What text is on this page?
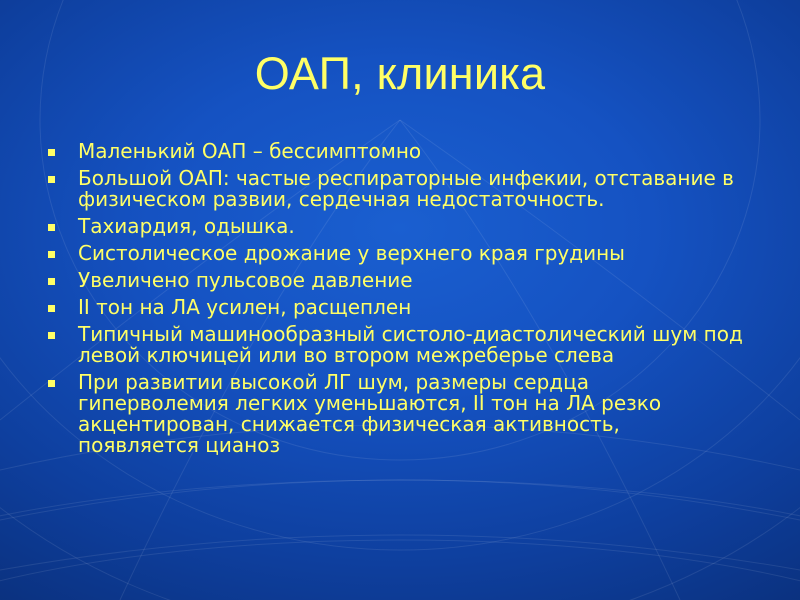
ОАП, клиника
Маленький ОАП – бессимптомно
Большой ОАП: частые респираторные инфекии, отставание в физическом развии, сердечная недостаточность.
Тахиардия, одышка.
Систолическое дрожание у верхнего края грудины
Увеличено пульсовое давление
II тон на ЛА усилен, расщеплен
Типичный машинообразный систоло-диастолический шум под левой ключицей или во втором межреберье слева
При развитии высокой ЛГ шум, размеры сердца гиперволемия легких уменьшаются, II тон на ЛА резко акцентирован, снижается физическая активность, появляется цианоз
